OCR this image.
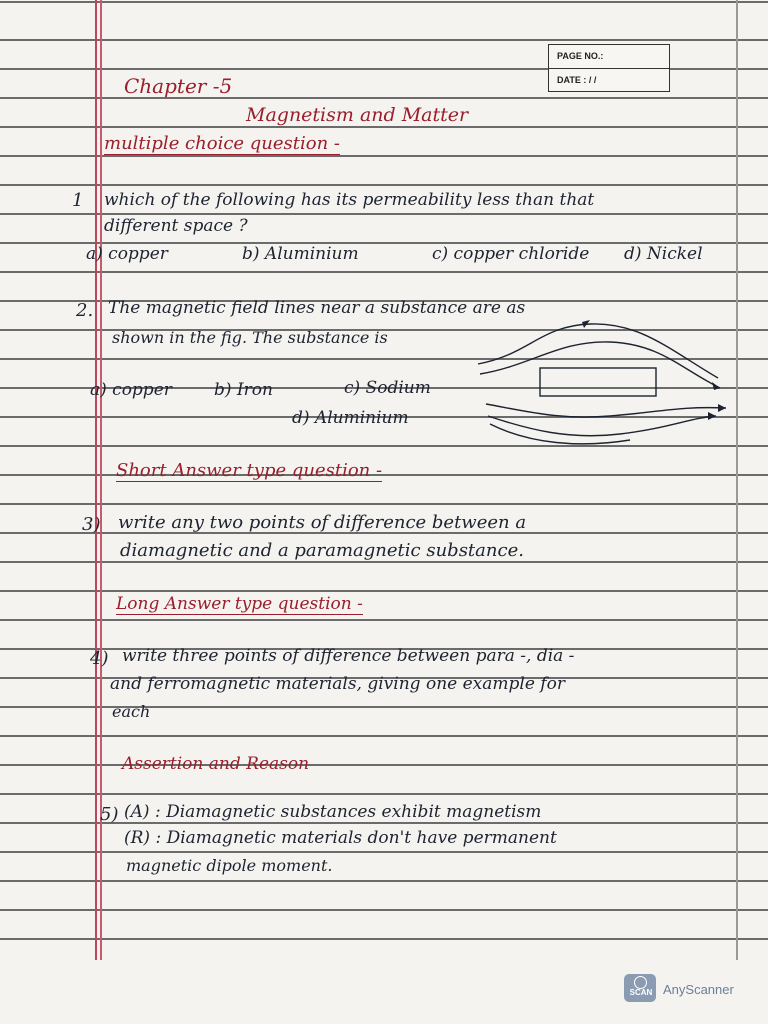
PAGE NO.:
DATE : / /
Chapter -5
Magnetism and Matter
multiple choice question -
1 which of the following has its permeability less than that
different space ?
a) copper	b) Aluminium	c) copper chloride d) Nickel
2. The magnetic field lines near a substance are as
shown in the fig. The substance is
a) copper b) Iron	c) Sodium
d) Aluminium
Short Answer type question -
3) write any two points of difference between a
diamagnetic and a paramagnetic substance.
Long Answer type question -
4) write three points of difference between para -, dia -
and ferromagnetic materials, giving one example for
each
Assertion and Reason
5) (A) : Diamagnetic substances exhibit magnetism
(R) : Diamagnetic materials don't have permanent
magnetic dipole moment.
SCAN AnyScanner
